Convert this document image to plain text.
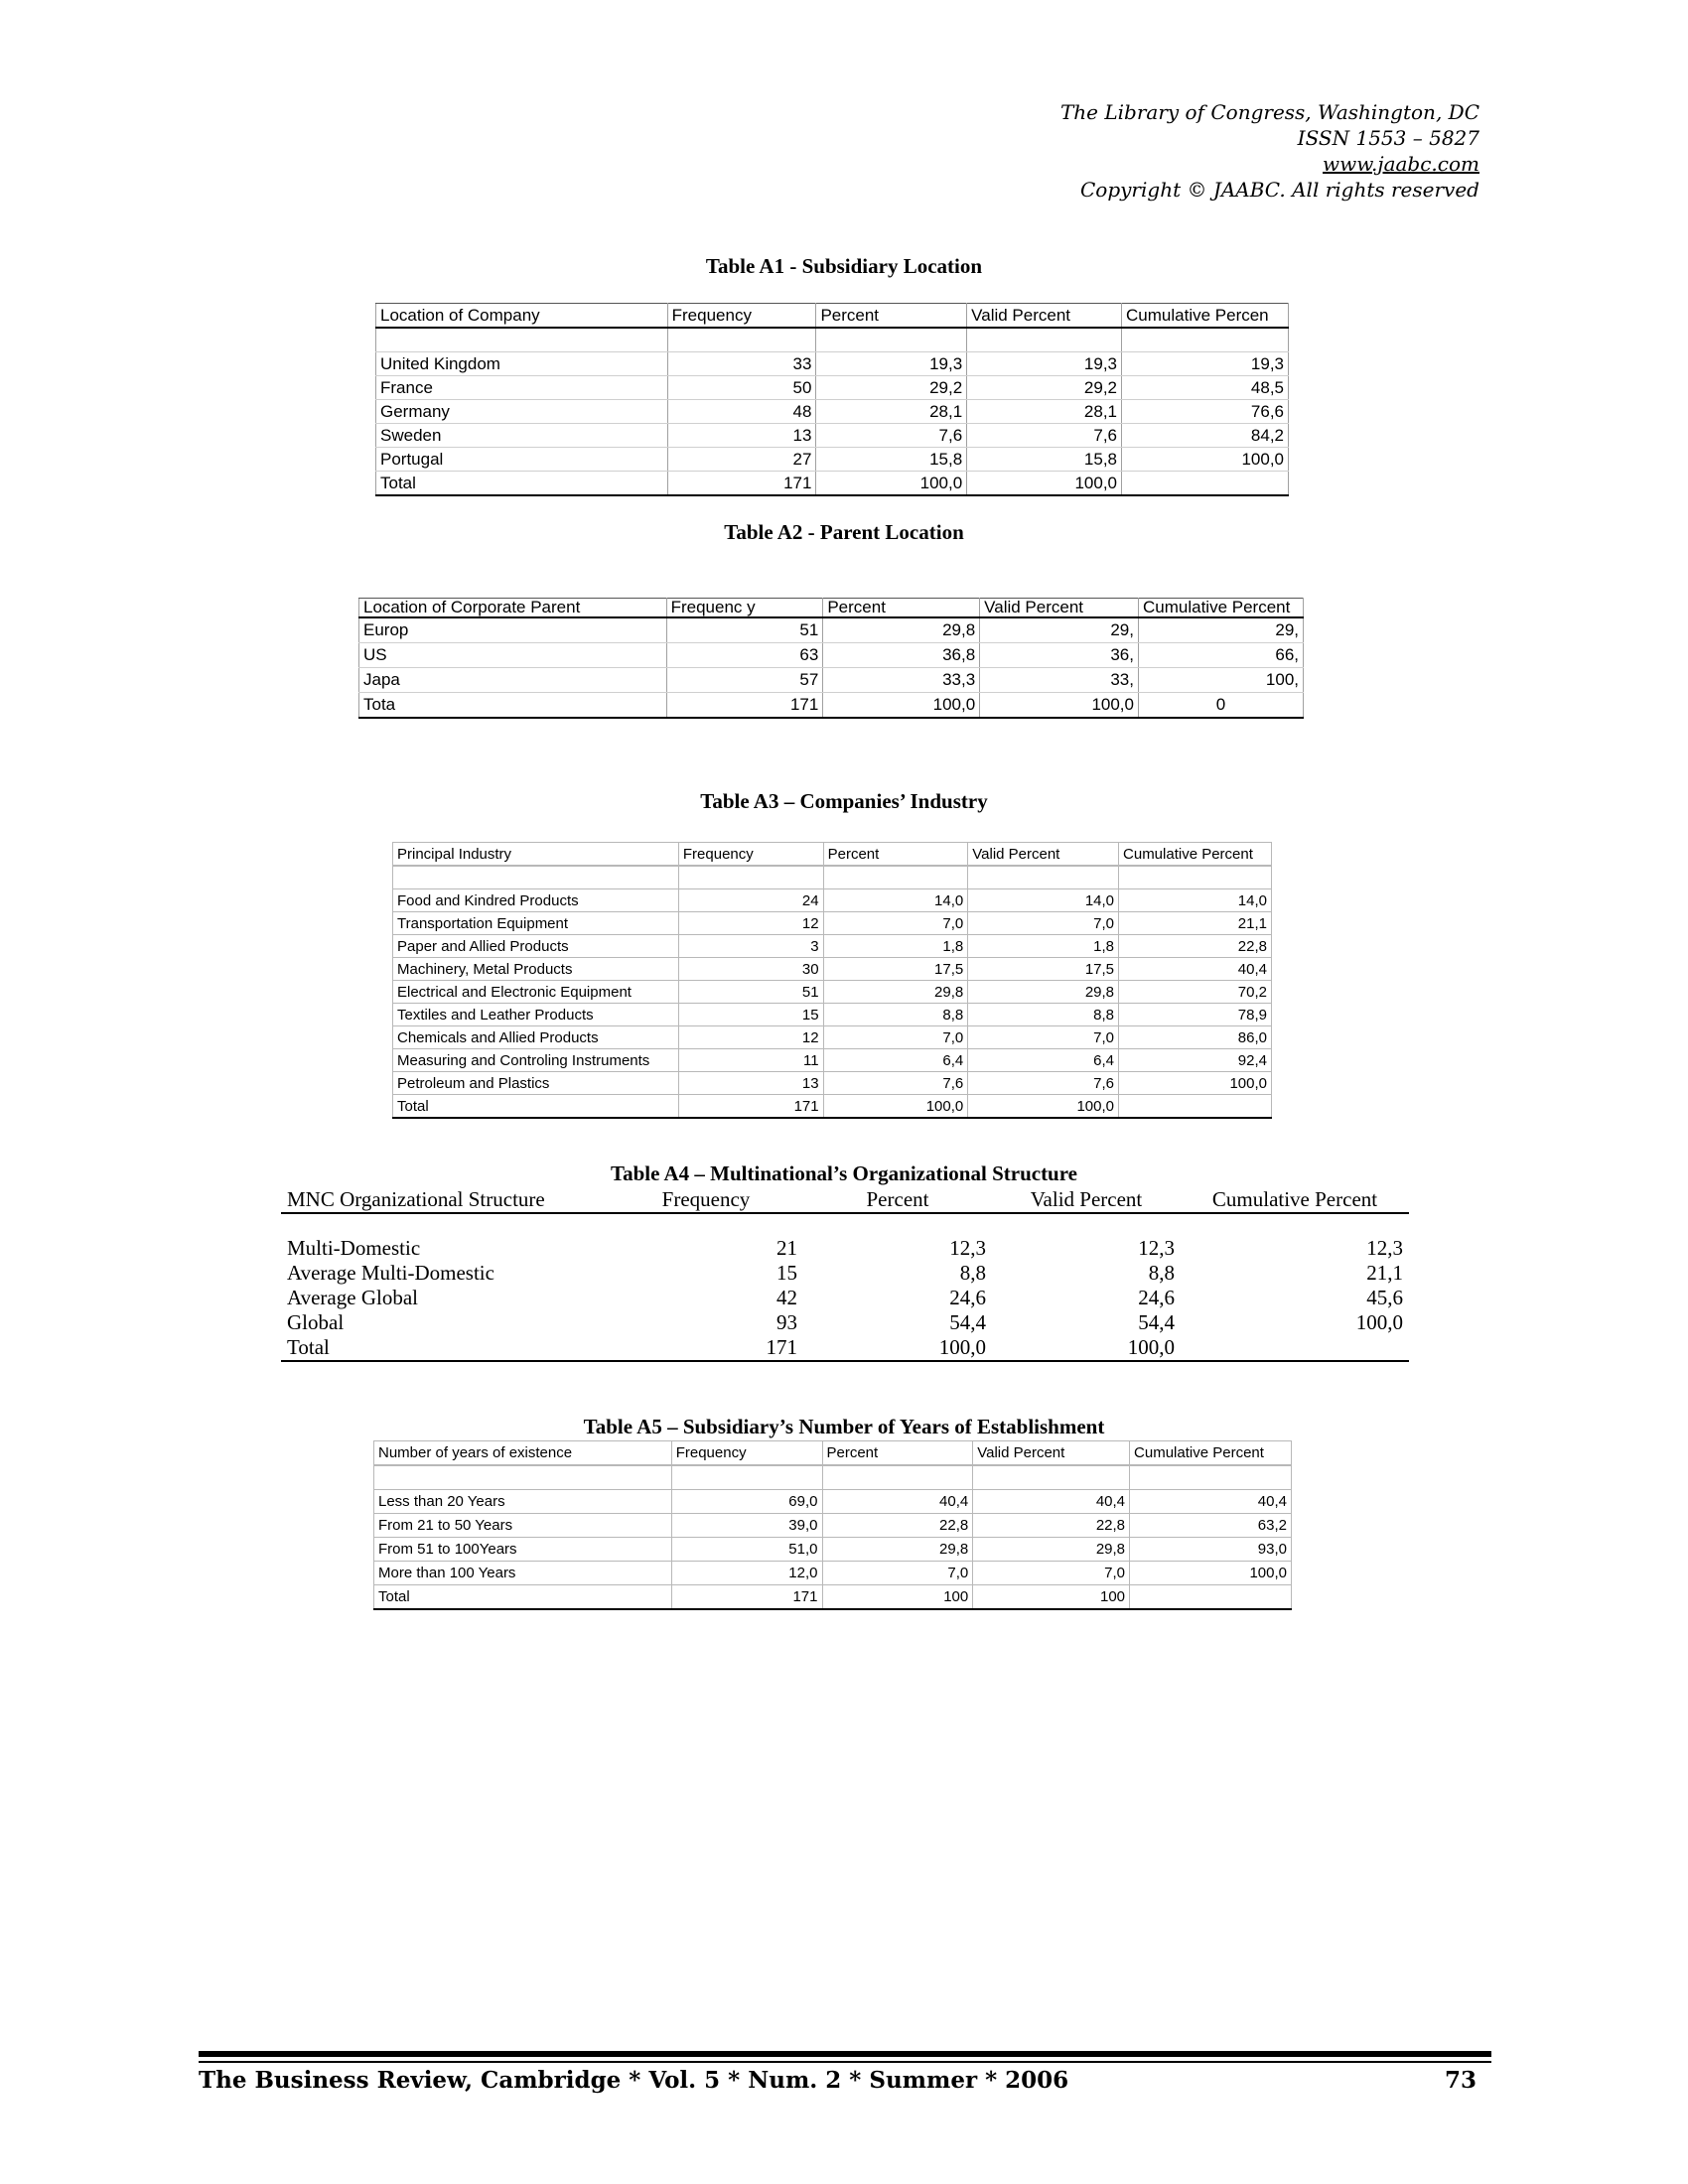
The Library of Congress, Washington, DC
ISSN 1553 – 5827
www.jaabc.com
Copyright © JAABC. All rights reserved
Table A1 - Subsidiary Location
Location of Company	Frequency	Percent	Valid Percent	Cumulative Percen

United Kingdom	33	19,3	19,3	19,3
France	50	29,2	29,2	48,5
Germany	48	28,1	28,1	76,6
Sweden	13	7,6	7,6	84,2
Portugal	27	15,8	15,8	100,0
Total	171	100,0	100,0	
Table A2 - Parent Location
Location of Corporate Parent	Frequenc y	Percent	Valid Percent	Cumulative Percent
Europ	51	29,8	29,	29,
US	63	36,8	36,	66,
Japa	57	33,3	33,	100,
Tota	171	100,0	100,0	0
Table A3 – Companies’ Industry
Principal Industry	Frequency	Percent	Valid Percent	Cumulative Percent

Food and Kindred Products	24	14,0	14,0	14,0
Transportation Equipment	12	7,0	7,0	21,1
Paper and Allied Products	3	1,8	1,8	22,8
Machinery, Metal Products	30	17,5	17,5	40,4
Electrical and Electronic Equipment	51	29,8	29,8	70,2
Textiles and Leather Products	15	8,8	8,8	78,9
Chemicals and Allied Products	12	7,0	7,0	86,0
Measuring and Controling Instruments	11	6,4	6,4	92,4
Petroleum and Plastics	13	7,6	7,6	100,0
Total	171	100,0	100,0	
Table A4 – Multinational’s Organizational Structure
MNC Organizational Structure	Frequency	Percent	Valid Percent	Cumulative Percent

Multi-Domestic	21	12,3	12,3	12,3
Average Multi-Domestic	15	8,8	8,8	21,1
Average Global	42	24,6	24,6	45,6
Global	93	54,4	54,4	100,0
Total	171	100,0	100,0	
Table A5 – Subsidiary’s Number of Years of Establishment
Number of years of existence	Frequency	Percent	Valid Percent	Cumulative Percent

Less than 20 Years	69,0	40,4	40,4	40,4
From 21 to 50 Years	39,0	22,8	22,8	63,2
From 51 to 100Years	51,0	29,8	29,8	93,0
More than 100 Years	12,0	7,0	7,0	100,0
Total	171	100	100	
The Business Review, Cambridge * Vol. 5 * Num. 2 * Summer * 2006	73
